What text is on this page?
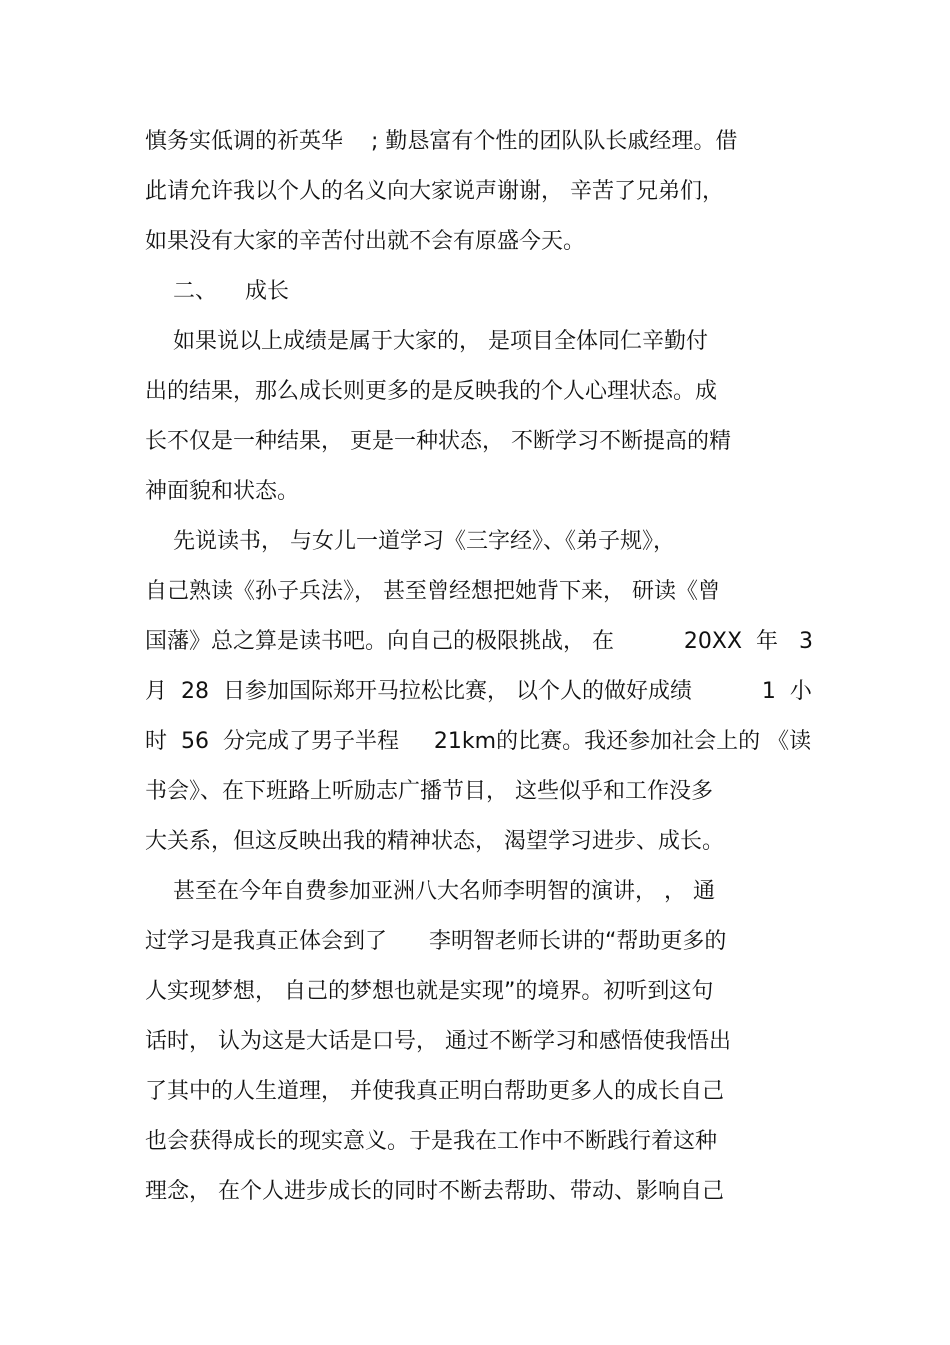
慎务实低调的祈英华    ; 勤恳富有个性的团队队长戚经理。借
此请允许我以个人的名义向大家说声谢谢， 辛苦了兄弟们，
如果没有大家的辛苦付出就不会有原盛今天。
二、    成长
如果说以上成绩是属于大家的， 是项目全体同仁辛勤付
出的结果，那么成长则更多的是反映我的个人心理状态。成
长不仅是一种结果， 更是一种状态， 不断学习不断提高的精
神面貌和状态。
先说读书， 与女儿一道学习《三字经》、《弟子规》，
自己熟读《孙子兵法》， 甚至曾经想把她背下来， 研读《曾
国藩》总之算是读书吧。向自己的极限挑战， 在          20XX  年   3
月  28  日参加国际郑开马拉松比赛， 以个人的做好成绩          1  小
时  56  分完成了男子半程     21km的比赛。我还参加社会上的 《读
书会》、在下班路上听励志广播节目， 这些似乎和工作没多
大关系，但这反映出我的精神状态， 渴望学习进步、成长。
甚至在今年自费参加亚洲八大名师李明智的演讲， ， 通
过学习是我真正体会到了      李明智老师长讲的“帮助更多的
人实现梦想， 自己的梦想也就是实现”的境界。初听到这句
话时， 认为这是大话是口号， 通过不断学习和感悟使我悟出
了其中的人生道理， 并使我真正明白帮助更多人的成长自己
也会获得成长的现实意义。于是我在工作中不断践行着这种
理念， 在个人进步成长的同时不断去帮助、带动、影响自己
